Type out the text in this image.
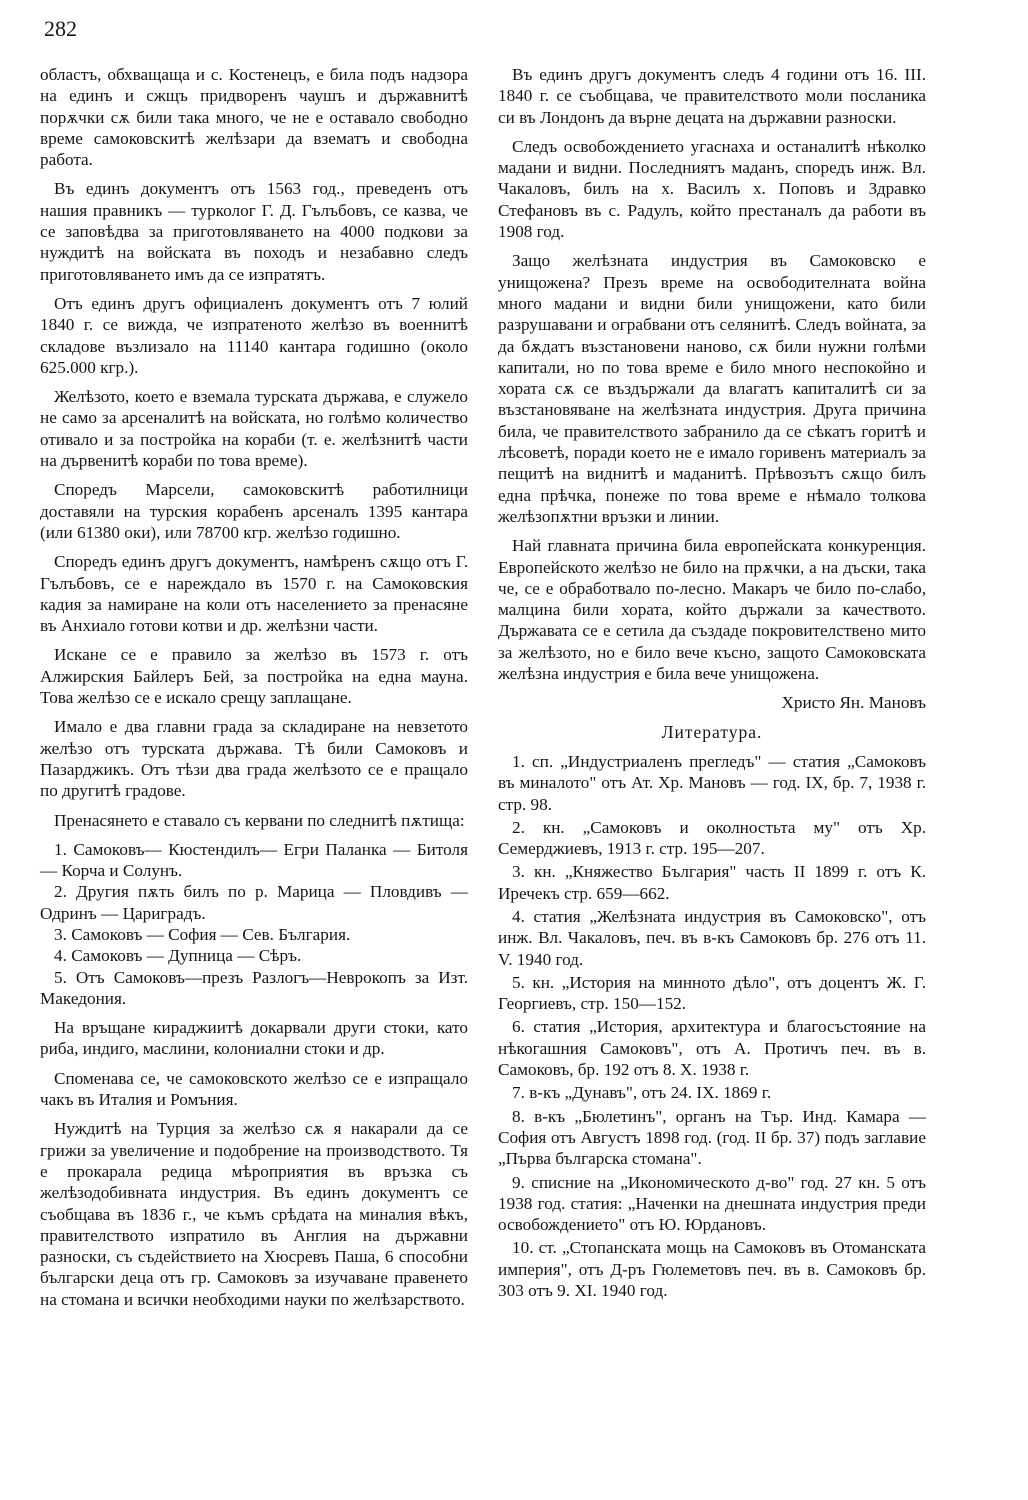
282

областъ, обхващаща и с. Костенецъ, е била подъ надзора на единъ и сжщъ придворенъ чаушъ и държавнитѣ порѫчки сѫ били така много, че не е оставало свободно време самоковскитѣ желѣзари да взематъ и свободна работа.

Въ единъ документъ отъ 1563 год., преведенъ отъ нашия правникъ — турколог Г. Д. Гълъбовъ, се казва, че се заповѣдва за приготовляването на 4000 подкови за нуждитѣ на войската въ походъ и незабавно следъ приготовляването имъ да се изпратятъ.

Отъ единъ другъ официаленъ документъ отъ 7 юлий 1840 г. се вижда, че изпратеното желѣзо въ военнитѣ складове възлизало на 11140 кантара годишно (около 625.000 кгр.).

Желѣзото, което е вземала турската държава, е служело не само за арсеналитѣ на войската, но голѣмо количество отивало и за постройка на кораби (т. е. желѣзнитѣ части на дървенитѣ кораби по това време).

Споредъ Марсели, самоковскитѣ работилници доставяли на турския корабенъ арсеналъ 1395 кантара (или 61380 оки), или 78700 кгр. желѣзо годишно.

Споредъ единъ другъ документъ, намѣренъ сѫщо отъ Г. Гълъбовъ, се е нареждало въ 1570 г. на Самоковския кадия за намиране на коли отъ населението за пренасяне въ Анхиало готови котви и др. желѣзни части.

Искане се е правило за желѣзо въ 1573 г. отъ Алжирския Байлеръ Бей, за постройка на една мауна. Това желѣзо се е искало срещу заплащане.

Имало е два главни града за складиране на невзетото желѣзо отъ турската държава. Тѣ били Самоковъ и Пазарджикъ. Отъ тѣзи два града желѣзото се е пращало по другитѣ градове.

Пренасянето е ставало съ кервани по следнитѣ пѫтища:

1. Самоковъ— Кюстендилъ— Егри Паланка — Битоля — Корча и Солунъ.

2. Другия пѫть билъ по р. Марица — Пловдивъ — Одринъ — Цариградъ.

3. Самоковъ — София — Сев. България.

4. Самоковъ — Дупница — Сѣръ.

5. Отъ Самоковъ—презъ Разлогъ—Неврокопъ за Изт. Македония.

На връщане кираджиитѣ докарвали други стоки, като риба, индиго, маслини, колониални стоки и др.

Споменава се, че самоковското желѣзо се е изпращало чакъ въ Италия и Ромъния.

Нуждитѣ на Турция за желѣзо сѫ я накарали да се грижи за увеличение и подобрение на производството. Тя е прокарала редица мѣроприятия въ връзка съ желѣзодобивната индустрия. Въ единъ документъ се съобщава въ 1836 г., че къмъ срѣдата на миналия вѣкъ, правителството изпратило въ Англия на държавни разноски, съ съдействието на Хюсревъ Паша, 6 способни български деца отъ гр. Самоковъ за изучаване правенето на стомана и всички необходими науки по желѣзарството.

Въ единъ другъ документъ следъ 4 години отъ 16. III. 1840 г. се съобщава, че правителството моли посланика си въ Лондонъ да върне децата на държавни разноски.

Следъ освобождението угаснаха и останалитѣ нѣколко мадани и видни. Последниятъ маданъ, споредъ инж. Вл. Чакаловъ, билъ на х. Василъ х. Поповъ и Здравко Стефановъ въ с. Радулъ, който престаналъ да работи въ 1908 год.

Защо желѣзната индустрия въ Самоковско е унищожена? Презъ време на освободителната война много мадани и видни били унищожени, като били разрушавани и ограбвани отъ селянитѣ. Следъ войната, за да бѫдатъ възстановени наново, сѫ били нужни голѣми капитали, но по това време е било много неспокойно и хората сѫ се въздържали да влагатъ капиталитѣ си за възстановяване на желѣзната индустрия. Друга причина била, че правителството забранило да се сѣкатъ горитѣ и лѣсоветѣ, поради което не е имало горивенъ материалъ за пещитѣ на виднитѣ и маданитѣ. Прѣвозътъ сѫщо билъ една прѣчка, понеже по това време е нѣмало толкова желѣзопѫтни връзки и линии.

Най главната причина била европейската конкуренция. Европейското желѣзо не било на прѫчки, а на дъски, така че, се е обработвало по-лесно. Макаръ че било по-слабо, малцина били хората, който държали за качеството. Държавата се е сетила да създаде покровителствено мито за желѣзото, но е било вече късно, защото Самоковската желѣзна индустрия е била вече унищожена.

Христо Ян. Мановъ

Литература.

1. сп. „Индустриаленъ прегледъ" — статия „Самоковъ въ миналото" отъ Ат. Хр. Мановъ — год. IX, бр. 7, 1938 г. стр. 98.

2. кн. „Самоковъ и околностьта му" отъ Хр. Семерджиевъ, 1913 г. стр. 195—207.

3. кн. „Княжество България" часть II 1899 г. отъ К. Иречекъ стр. 659—662.

4. статия „Желѣзната индустрия въ Самоковско", отъ инж. Вл. Чакаловъ, печ. въ в-къ Самоковъ бр. 276 отъ 11. V. 1940 год.

5. кн. „История на минното дѣло", отъ доцентъ Ж. Г. Георгиевъ, стр. 150—152.

6. статия „История, архитектура и благосъстояние на нѣкогашния Самоковъ", отъ А. Протичъ печ. въ в. Самоковъ, бр. 192 отъ 8. X. 1938 г.

7. в-къ „Дунавъ", отъ 24. IX. 1869 г.

8. в-къ „Бюлетинъ", органъ на Тър. Инд. Камара — София отъ Августъ 1898 год. (год. II бр. 37) подъ заглавие „Първа българска стомана".

9. списние на „Икономическото д-во" год. 27 кн. 5 отъ 1938 год. статия: „Наченки на днешната индустрия преди освобождението" отъ Ю. Юрдановъ.

10. ст. „Стопанската мощь на Самоковъ въ Отоманската империя", отъ Д-ръ Гюлеметовъ печ. въ в. Самоковъ бр. 303 отъ 9. XI. 1940 год.
